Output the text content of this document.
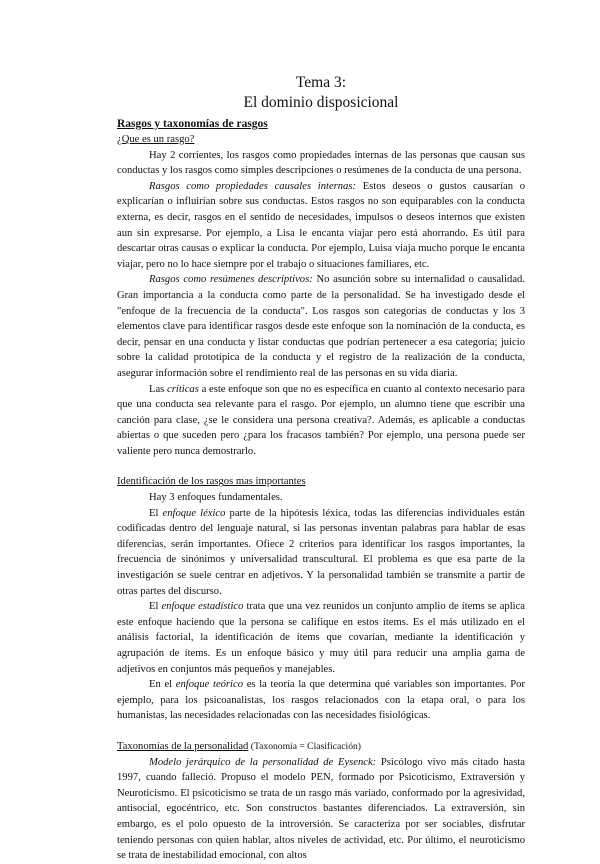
Tema 3:
El dominio disposicional
Rasgos y taxonomías de rasgos
¿Que es un rasgo?

Hay 2 corrientes, los rasgos como propiedades internas de las personas que causan sus conductas y los rasgos como simples descripciones o resúmenes de la conducta de una persona.

Rasgos como propiedades causales internas: Estos deseos o gustos causarían o explicarían o influirían sobre sus conductas. Estos rasgos no son equiparables con la conducta externa, es decir, rasgos en el sentido de necesidades, impulsos o deseos internos que existen aun sin expresarse. Por ejemplo, a Lisa le encanta viajar pero está ahorrando. Es útil para descartar otras causas o explicar la conducta. Por ejemplo, Luisa viaja mucho porque le encanta viajar, pero no lo hace siempre por el trabajo o situaciones familiares, etc.

Rasgos como resúmenes descriptivos: No asunción sobre su internalidad o causalidad. Gran importancia a la conducta como parte de la personalidad. Se ha investigado desde el "enfoque de la frecuencia de la conducta". Los rasgos son categorías de conductas y los 3 elementos clave para identificar rasgos desde este enfoque son la nominación de la conducta, es decir, pensar en una conducta y listar conductas que podrían pertenecer a esa categoría; juicio sobre la calidad prototípica de la conducta y el registro de la realización de la conducta, asegurar información sobre el rendimiento real de las personas en su vida diaria.

Las críticas a este enfoque son que no es específica en cuanto al contexto necesario para que una conducta sea relevante para el rasgo. Por ejemplo, un alumno tiene que escribir una canción para clase, ¿se le considera una persona creativa?. Además, es aplicable a conductas abiertas o que suceden pero ¿para los fracasos también? Por ejemplo, una persona puede ser valiente pero nunca demostrarlo.

Identificación de los rasgos mas importantes

Hay 3 enfoques fundamentales.

El enfoque léxico parte de la hipótesis léxica, todas las diferencias individuales están codificadas dentro del lenguaje natural, si las personas inventan palabras para hablar de esas diferencias, serán importantes. Ofiece 2 criterios para identificar los rasgos importantes, la frecuencia de sinónimos y universalidad transcultural. El problema es que esa parte de la investigación se suele centrar en adjetivos. Y la personalidad también se transmite a partir de otras partes del discurso.

El enfoque estadístico trata que una vez reunidos un conjunto amplio de ítems se aplica este enfoque haciendo que la persona se califique en estos ítems. Es el más utilizado en el análisis factorial, la identificación de ítems que covarían, mediante la identificación y agrupación de ítems. Es un enfoque básico y muy útil para reducir una amplia gama de adjetivos en conjuntos más pequeños y manejables.

En el enfoque teórico es la teoría la que determina qué variables son importantes. Por ejemplo, para los psicoanalistas, los rasgos relacionados con la etapa oral, o para los humanistas, las necesidades relacionadas con las necesidades fisiológicas.

Taxonomías de la personalidad (Taxonomía = Clasificación)

Modelo jerárquico de la personalidad de Eysenck: Psicólogo vivo más citado hasta 1997, cuando falleció. Propuso el modelo PEN, formado por Psicoticismo, Extraversión y Neuroticismo. El psicoticismo se trata de un rasgo más variado, conformado por la agresividad, antisocial, egocéntrico, etc. Son constructos bastantes diferenciados. La extraversión, sin embargo, es el polo opuesto de la introversión. Se caracteriza por ser sociables, disfrutar teniendo personas con quien hablar, altos niveles de actividad, etc. Por último, el neuroticismo se trata de inestabilidad emocional, con altos
